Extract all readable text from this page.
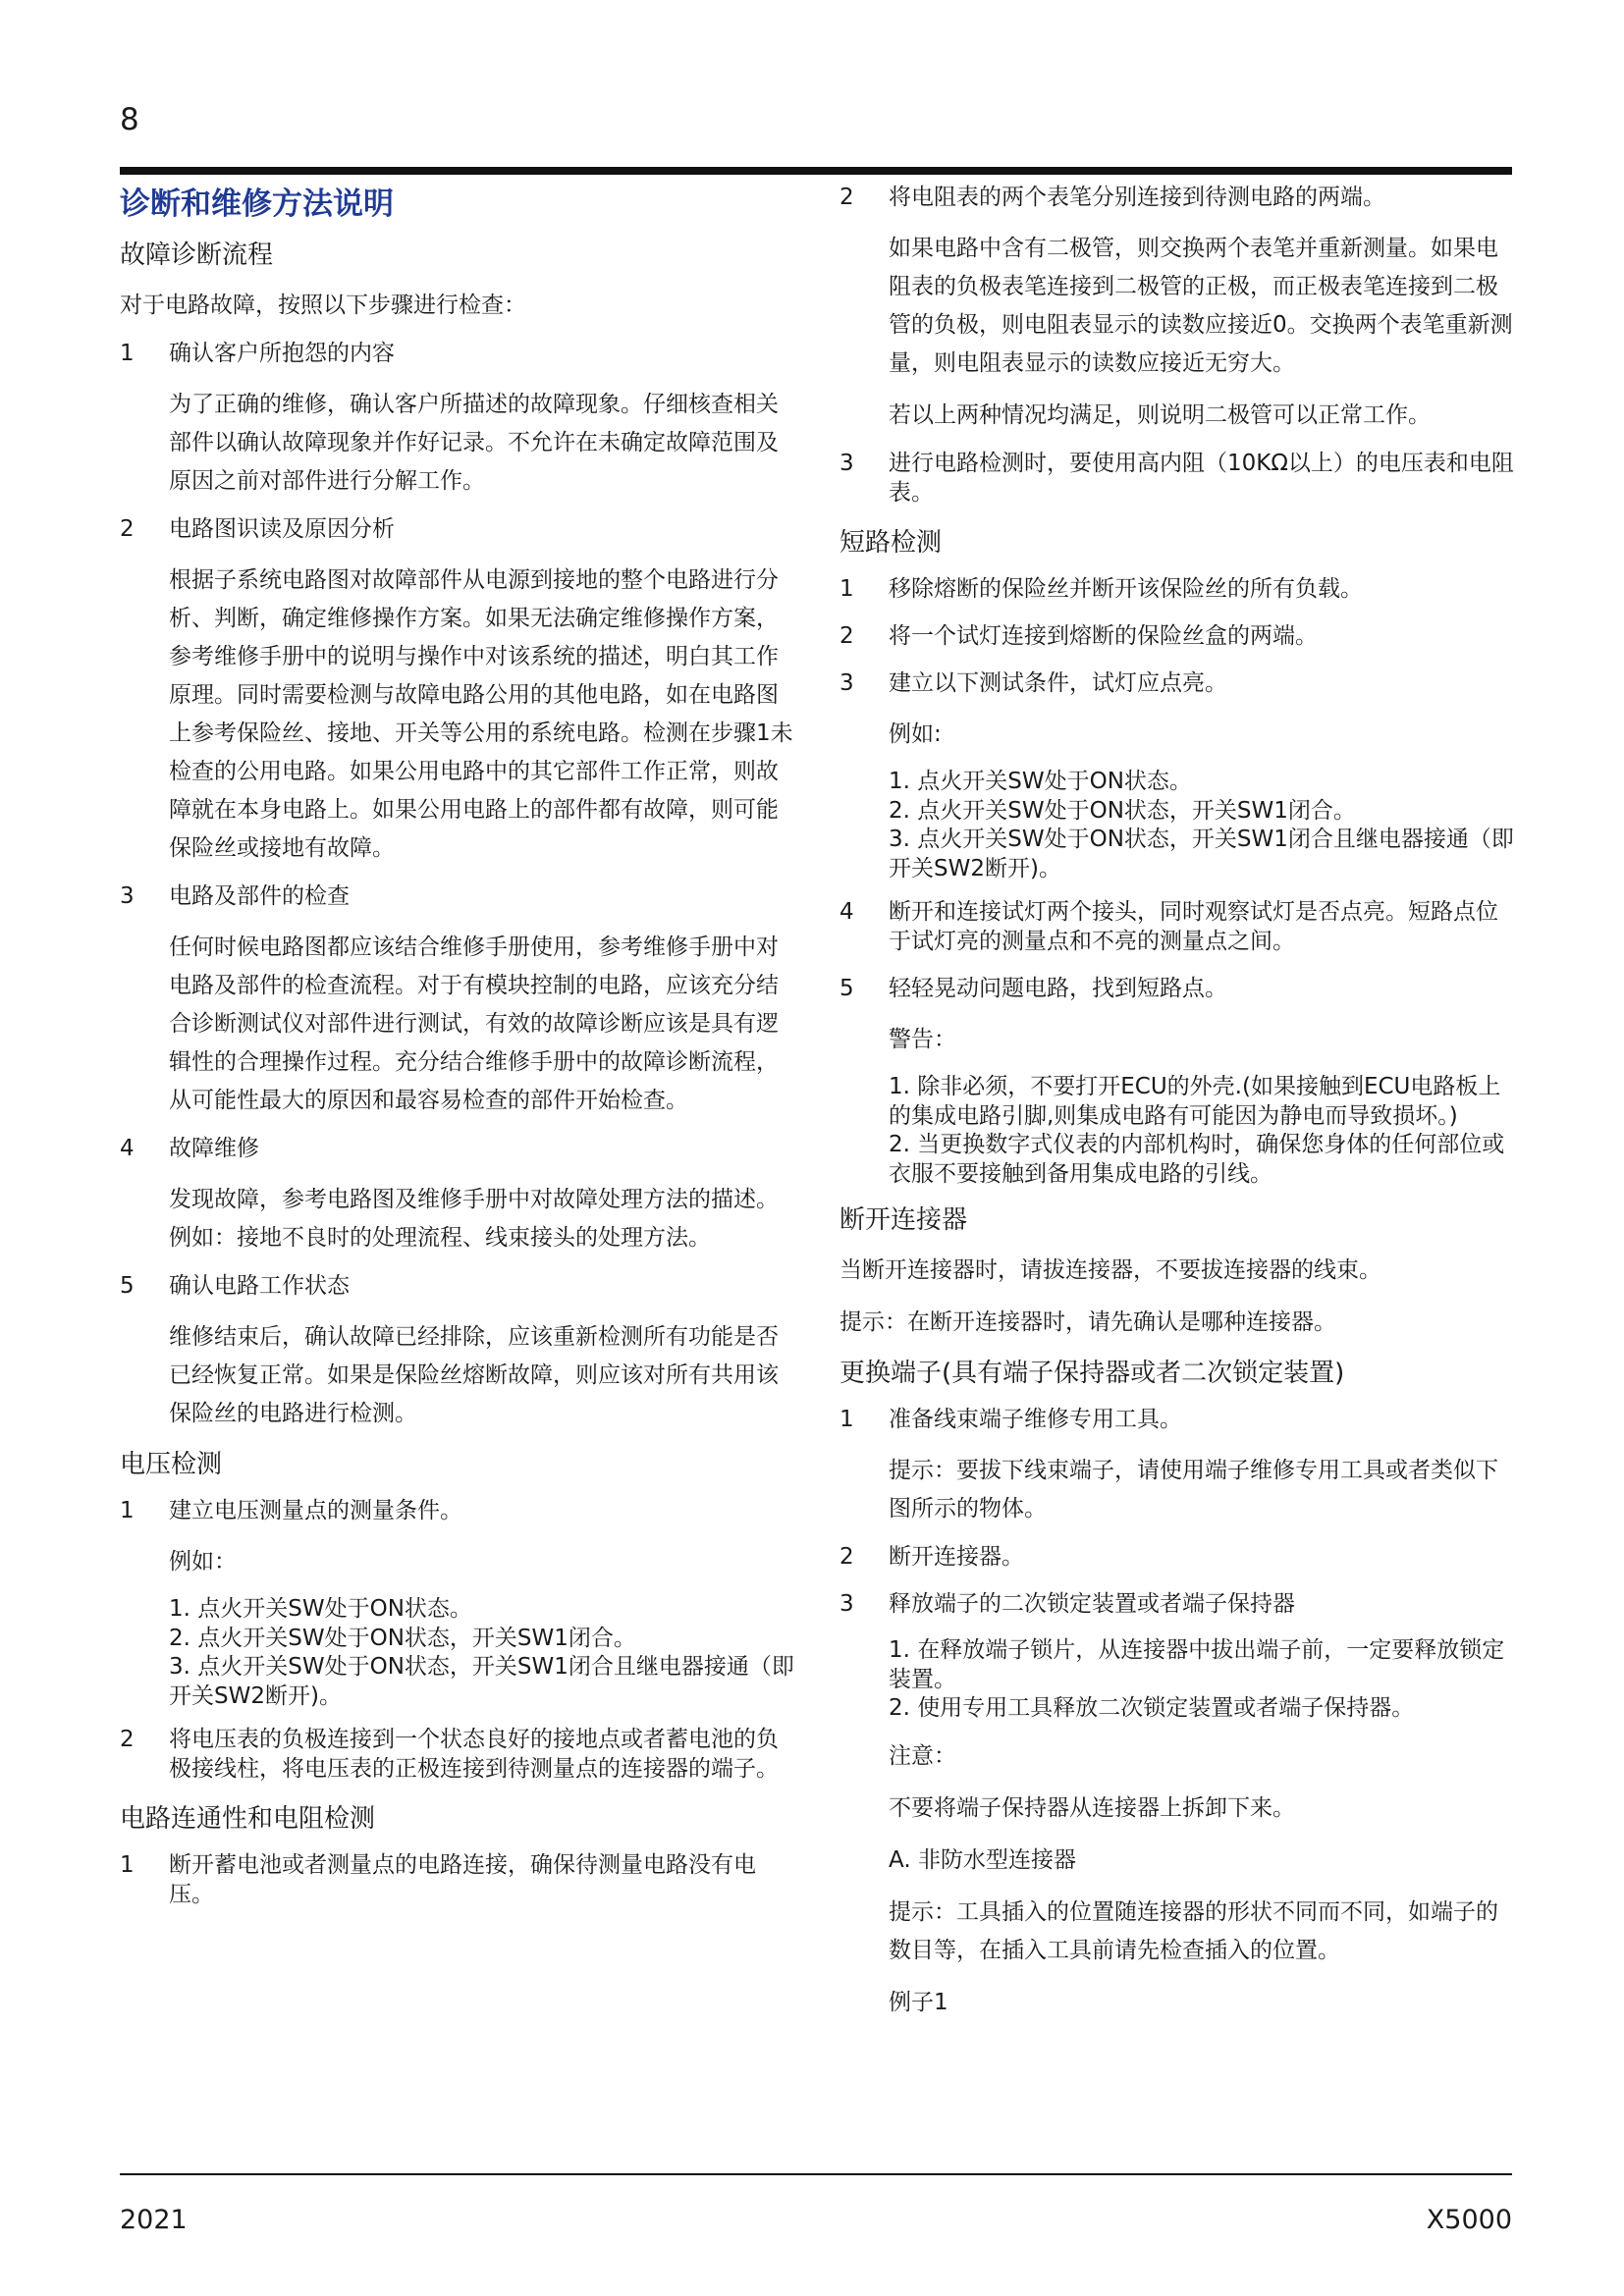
8
诊断和维修方法说明
故障诊断流程
对于电路故障，按照以下步骤进行检查：
1	确认客户所抱怨的内容
为了正确的维修，确认客户所描述的故障现象。仔细核查相关部件以确认故障现象并作好记录。不允许在未确定故障范围及原因之前对部件进行分解工作。
2	电路图识读及原因分析
根据子系统电路图对故障部件从电源到接地的整个电路进行分析、判断，确定维修操作方案。如果无法确定维修操作方案，参考维修手册中的说明与操作中对该系统的描述，明白其工作原理。同时需要检测与故障电路公用的其他电路，如在电路图上参考保险丝、接地、开关等公用的系统电路。检测在步骤1未检查的公用电路。如果公用电路中的其它部件工作正常，则故障就在本身电路上。如果公用电路上的部件都有故障，则可能保险丝或接地有故障。
3	电路及部件的检查
任何时候电路图都应该结合维修手册使用，参考维修手册中对电路及部件的检查流程。对于有模块控制的电路，应该充分结合诊断测试仪对部件进行测试，有效的故障诊断应该是具有逻辑性的合理操作过程。充分结合维修手册中的故障诊断流程，从可能性最大的原因和最容易检查的部件开始检查。
4	故障维修
发现故障，参考电路图及维修手册中对故障处理方法的描述。例如：接地不良时的处理流程、线束接头的处理方法。
5	确认电路工作状态
维修结束后，确认故障已经排除，应该重新检测所有功能是否已经恢复正常。如果是保险丝熔断故障，则应该对所有共用该保险丝的电路进行检测。
电压检测
1	建立电压测量点的测量条件。
例如：
1. 点火开关SW处于ON状态。
2. 点火开关SW处于ON状态，开关SW1闭合。
3. 点火开关SW处于ON状态，开关SW1闭合且继电器接通（即开关SW2断开)。
2	将电压表的负极连接到一个状态良好的接地点或者蓄电池的负极接线柱，将电压表的正极连接到待测量点的连接器的端子。
电路连通性和电阻检测
1	断开蓄电池或者测量点的电路连接，确保待测量电路没有电压。
2	将电阻表的两个表笔分别连接到待测电路的两端。
如果电路中含有二极管，则交换两个表笔并重新测量。如果电阻表的负极表笔连接到二极管的正极，而正极表笔连接到二极管的负极，则电阻表显示的读数应接近0。交换两个表笔重新测量，则电阻表显示的读数应接近无穷大。
若以上两种情况均满足，则说明二极管可以正常工作。
3	进行电路检测时，要使用高内阻（10KΩ以上）的电压表和电阻表。
短路检测
1	移除熔断的保险丝并断开该保险丝的所有负载。
2	将一个试灯连接到熔断的保险丝盒的两端。
3	建立以下测试条件，试灯应点亮。
例如:
1. 点火开关SW处于ON状态。
2. 点火开关SW处于ON状态，开关SW1闭合。
3. 点火开关SW处于ON状态，开关SW1闭合且继电器接通（即开关SW2断开)。
4	断开和连接试灯两个接头，同时观察试灯是否点亮。短路点位于试灯亮的测量点和不亮的测量点之间。
5	轻轻晃动问题电路，找到短路点。
警告：
1. 除非必须，不要打开ECU的外壳.(如果接触到ECU电路板上的集成电路引脚,则集成电路有可能因为静电而导致损坏。)
2. 当更换数字式仪表的内部机构时，确保您身体的任何部位或衣服不要接触到备用集成电路的引线。
断开连接器
当断开连接器时，请拔连接器，不要拔连接器的线束。
提示：在断开连接器时，请先确认是哪种连接器。
更换端子(具有端子保持器或者二次锁定装置)
1	准备线束端子维修专用工具。
提示：要拔下线束端子，请使用端子维修专用工具或者类似下图所示的物体。
2	断开连接器。
3	释放端子的二次锁定装置或者端子保持器
1. 在释放端子锁片，从连接器中拔出端子前，一定要释放锁定装置。
2. 使用专用工具释放二次锁定装置或者端子保持器。
注意：
不要将端子保持器从连接器上拆卸下来。
A. 非防水型连接器
提示：工具插入的位置随连接器的形状不同而不同，如端子的数目等，在插入工具前请先检查插入的位置。
例子1
2021	X5000
